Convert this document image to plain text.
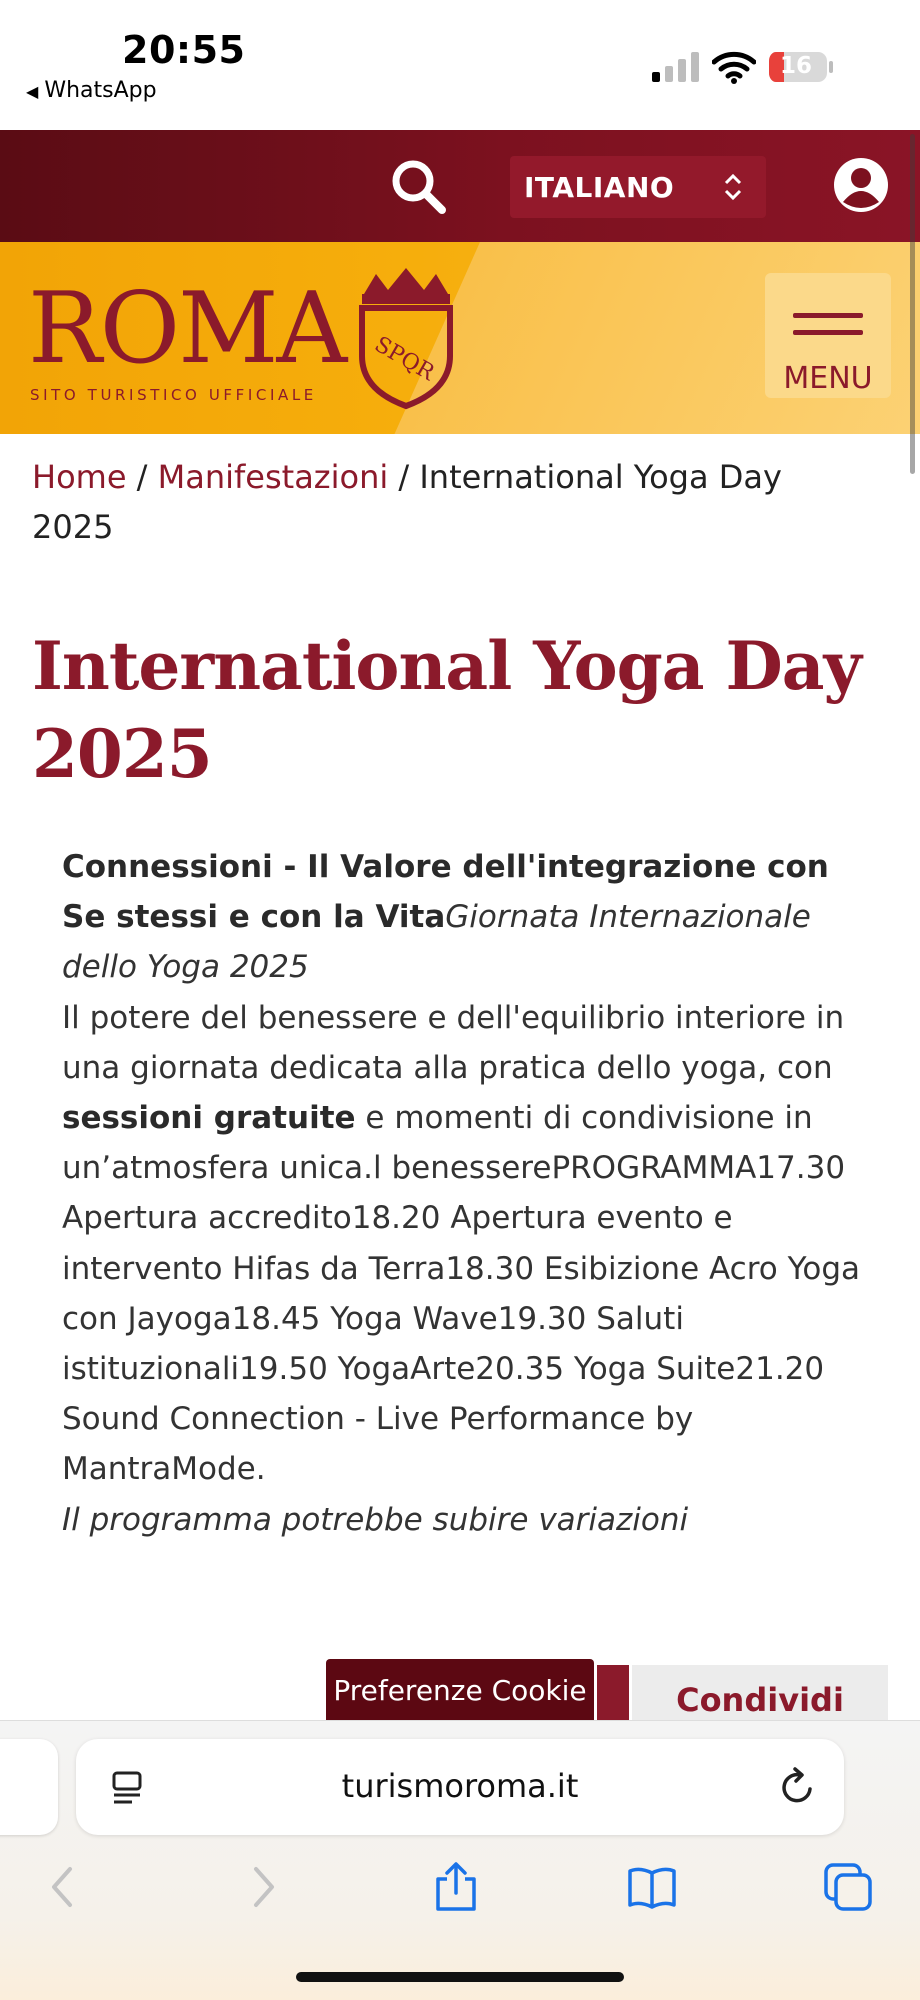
20:55
◀ WhatsApp
16
ITALIANO
ROMA
SITO TURISTICO UFFICIALE
SPQR	MENU
Home / Manifestazioni / International Yoga Day 2025
International Yoga Day 2025
Connessioni - Il Valore dell'integrazione con Se stessi e con la VitaGiornata Internazionale dello Yoga 2025
Il potere del benessere e dell'equilibrio interiore in una giornata dedicata alla pratica dello yoga, con sessioni gratuite e momenti di condivisione in un’atmosfera unica.l benesserePROGRAMMA17.30 Apertura accredito18.20 Apertura evento e intervento Hifas da Terra18.30 Esibizione Acro Yoga con Jayoga18.45 Yoga Wave19.30 Saluti istituzionali19.50 YogaArte20.35 Yoga Suite21.20 Sound Connection - Live Performance by MantraMode.
Il programma potrebbe subire variazioni
Preferenze Cookie	Condividi
turismoroma.it
